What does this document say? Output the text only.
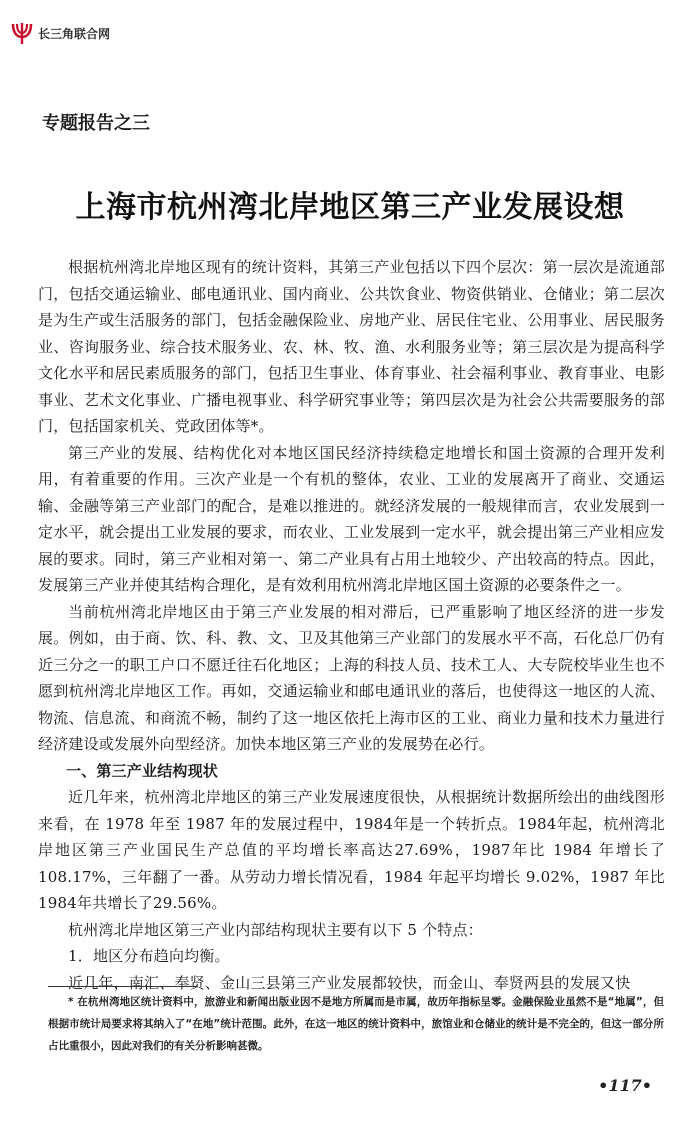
长三角联合网
专题报告之三
上海市杭州湾北岸地区第三产业发展设想

根据杭州湾北岸地区现有的统计资料，其第三产业包括以下四个层次：第一层次是流通部门，包括交通运输业、邮电通讯业、国内商业、公共饮食业、物资供销业、仓储业；第二层次是为生产或生活服务的部门，包括金融保险业、房地产业、居民住宅业、公用事业、居民服务业、咨询服务业、综合技术服务业、农、林、牧、渔、水利服务业等；第三层次是为提高科学文化水平和居民素质服务的部门，包括卫生事业、体育事业、社会福利事业、教育事业、电影事业、艺术文化事业、广播电视事业、科学研究事业等；第四层次是为社会公共需要服务的部门，包括国家机关、党政团体等*。

第三产业的发展、结构优化对本地区国民经济持续稳定地增长和国土资源的合理开发利用，有着重要的作用。三次产业是一个有机的整体，农业、工业的发展离开了商业、交通运输、金融等第三产业部门的配合，是难以推进的。就经济发展的一般规律而言，农业发展到一定水平，就会提出工业发展的要求，而农业、工业发展到一定水平，就会提出第三产业相应发展的要求。同时，第三产业相对第一、第二产业具有占用土地较少、产出较高的特点。因此，发展第三产业并使其结构合理化，是有效利用杭州湾北岸地区国土资源的必要条件之一。

当前杭州湾北岸地区由于第三产业发展的相对滞后，已严重影响了地区经济的进一步发展。例如，由于商、饮、科、教、文、卫及其他第三产业部门的发展水平不高，石化总厂仍有近三分之一的职工户口不愿迁往石化地区；上海的科技人员、技术工人、大专院校毕业生也不愿到杭州湾北岸地区工作。再如，交通运输业和邮电通讯业的落后，也使得这一地区的人流、物流、信息流、和商流不畅，制约了这一地区依托上海市区的工业、商业力量和技术力量进行经济建设或发展外向型经济。加快本地区第三产业的发展势在必行。

一、第三产业结构现状

近几年来，杭州湾北岸地区的第三产业发展速度很快，从根据统计数据所绘出的曲线图形来看，在 1978 年至 1987 年的发展过程中，1984年是一个转折点。1984年起，杭州湾北岸地区第三产业国民生产总值的平均增长率高达27.69%，1987年比 1984 年增长了108.17%，三年翻了一番。从劳动力增长情况看，1984 年起平均增长 9.02%，1987 年比 1984年共增长了29.56%。

杭州湾北岸地区第三产业内部结构现状主要有以下 5 个特点：

1．地区分布趋向均衡。

近几年，南汇、奉贤、金山三县第三产业发展都较快，而金山、奉贤两县的发展又快

* 在杭州湾地区统计资料中，旅游业和新闻出版业因不是地方所属而是市属，故历年指标呈零。金融保险业虽然不是“地属”，但根据市统计局要求将其纳入了“在地”统计范围。此外，在这一地区的统计资料中，旅馆业和仓储业的统计是不完全的，但这一部分所占比重很小，因此对我们的有关分析影响甚微。

•117•
